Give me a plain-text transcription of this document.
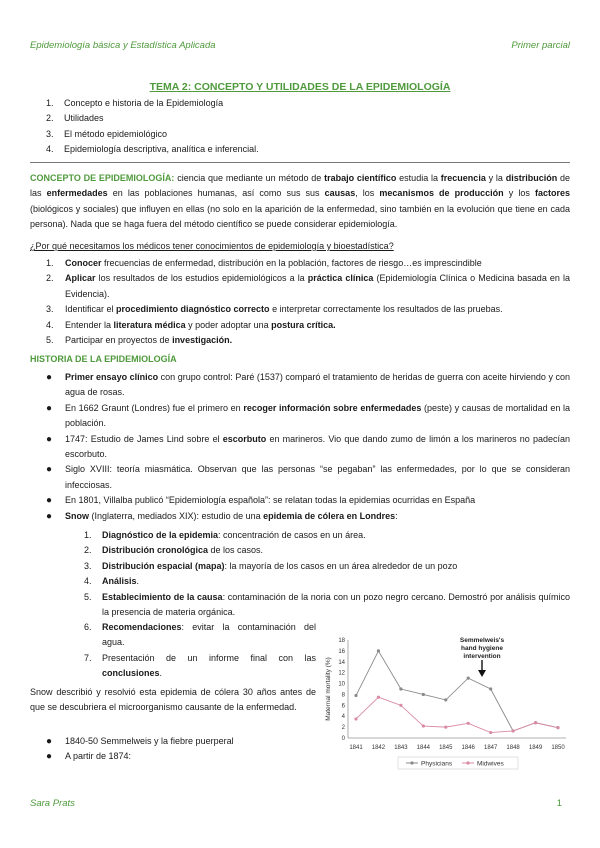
Epidemiología básica y Estadística Aplicada	Primer parcial
TEMA 2: CONCEPTO Y UTILIDADES DE LA EPIDEMIOLOGÍA
1. Concepto e historia de la Epidemiología
2. Utilidades
3. El método epidemiológico
4. Epidemiología descriptiva, analítica e inferencial.
CONCEPTO DE EPIDEMIOLOGÍA: ciencia que mediante un método de trabajo científico estudia la frecuencia y la distribución de las enfermedades en las poblaciones humanas, así como sus sus causas, los mecanismos de producción y los factores (biológicos y sociales) que influyen en ellas (no solo en la aparición de la enfermedad, sino también en la evolución que tiene en cada persona). Nada que se haga fuera del método científico se puede considerar epidemiología.
¿Por qué necesitamos los médicos tener conocimientos de epidemiología y bioestadística?
1. Conocer frecuencias de enfermedad, distribución en la población, factores de riesgo…es imprescindible
2. Aplicar los resultados de los estudios epidemiológicos a la práctica clínica (Epidemiología Clínica o Medicina basada en la Evidencia).
3. Identificar el procedimiento diagnóstico correcto e interpretar correctamente los resultados de las pruebas.
4. Entender la literatura médica y poder adoptar una postura crítica.
5. Participar en proyectos de investigación.
HISTORIA DE LA EPIDEMIOLOGÍA
● Primer ensayo clínico con grupo control: Paré (1537) comparó el tratamiento de heridas de guerra con aceite hirviendo y con agua de rosas.
● En 1662 Graunt (Londres) fue el primero en recoger información sobre enfermedades (peste) y causas de mortalidad en la población.
● 1747: Estudio de James Lind sobre el escorbuto en marineros. Vio que dando zumo de limón a los marineros no padecían escorbuto.
● Siglo XVIII: teoría miasmática. Observan que las personas “se pegaban” las enfermedades, por lo que se consideran infecciosas.
● En 1801, Villalba publicó “Epidemiología española”: se relatan todas la epidemias ocurridas en España
● Snow (Inglaterra, mediados XIX): estudio de una epidemia de cólera en Londres:
1. Diagnóstico de la epidemia: concentración de casos en un área.
2. Distribución cronológica de los casos.
3. Distribución espacial (mapa): la mayoría de los casos en un área alrededor de un pozo
4. Análisis.
5. Establecimiento de la causa: contaminación de la noria con un pozo negro cercano. Demostró por análisis químico la presencia de materia orgánica.
6. Recomendaciones: evitar la contaminación del agua.
7. Presentación de un informe final con las conclusiones.
Snow describió y resolvió esta epidemia de cólera 30 años antes de que se descubriera el microorganismo causante de la enfermedad.
● 1840-50 Semmelweis y la fiebre puerperal
● A partir de 1874:
0
2
4
6
8
10
12
14
16
18
Maternal mortality (%)
Semmelweis's
hand hygiene
intervention
1841 1842 1843 1844 1845 1846 1847 1848 1849 1850
Physicians	Midwives
Sara Prats	1
